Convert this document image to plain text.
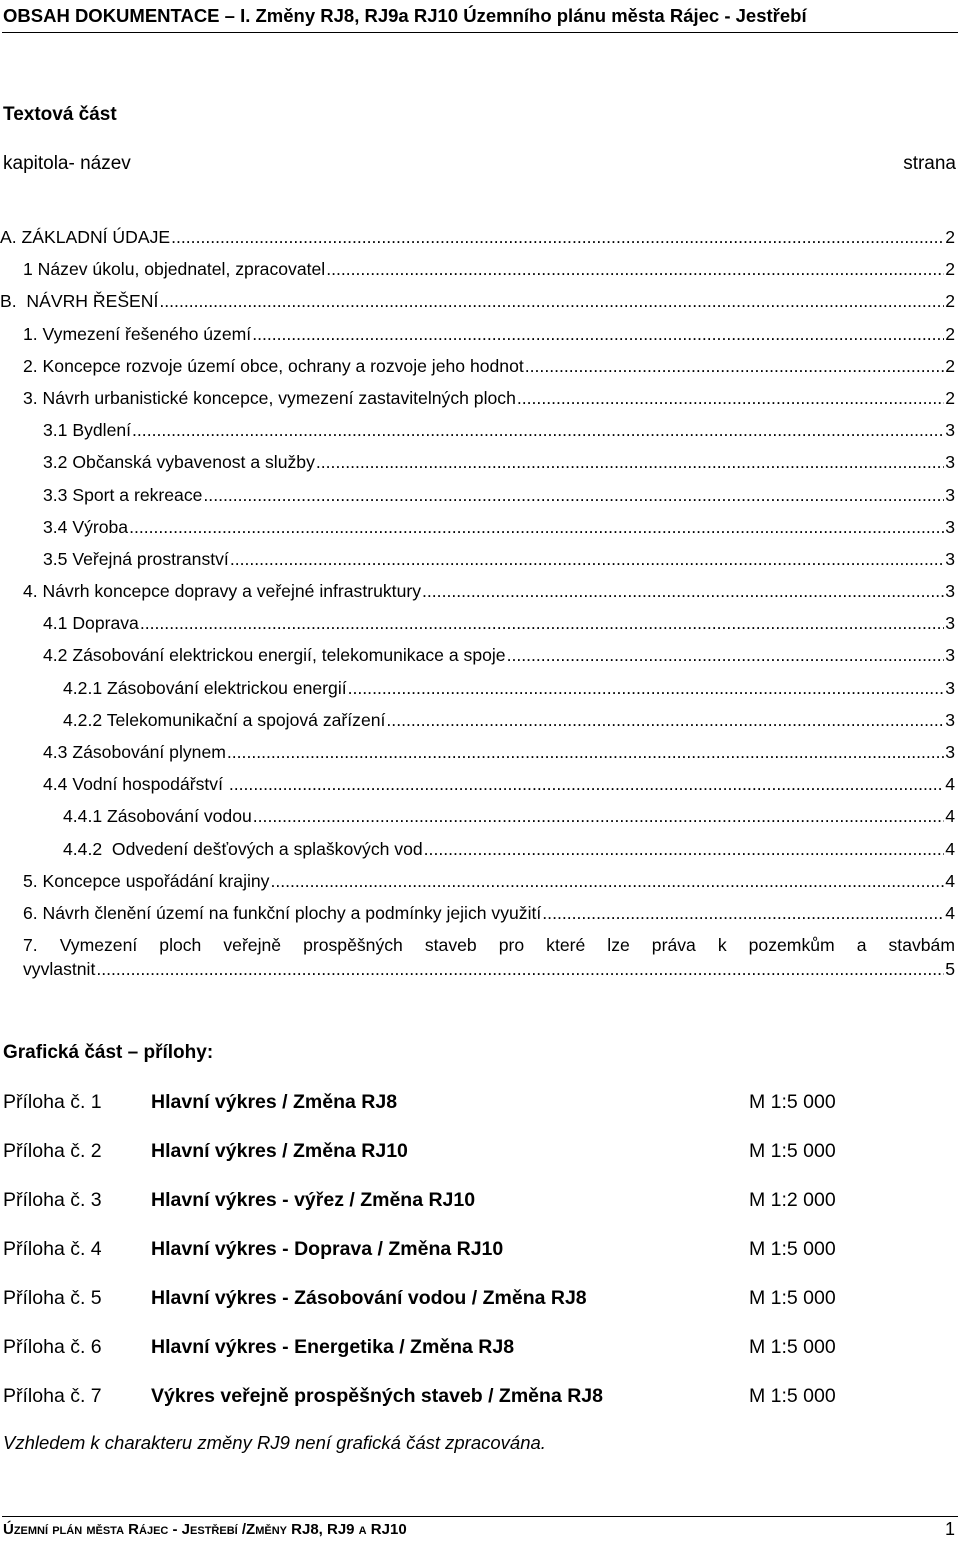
OBSAH DOKUMENTACE – I. Změny RJ8, RJ9a RJ10 Územního plánu města Rájec - Jestřebí
Textová část
kapitola- název	strana
A. ZÁKLADNÍ ÚDAJE .....	2
1 Název úkolu, objednatel, zpracovatel .....	2
B.  NÁVRH ŘEŠENÍ .....	2
1. Vymezení řešeného území .....	2
2. Koncepce rozvoje území obce, ochrany a rozvoje jeho hodnot .....	2
3. Návrh urbanistické koncepce, vymezení zastavitelných ploch .....	2
3.1 Bydlení .....	3
3.2 Občanská vybavenost a služby .....	3
3.3 Sport a rekreace .....	3
3.4 Výroba .....	3
3.5 Veřejná prostranství .....	3
4. Návrh koncepce dopravy a veřejné infrastruktury .....	3
4.1 Doprava .....	3
4.2 Zásobování elektrickou energií, telekomunikace a spoje .....	3
4.2.1 Zásobování elektrickou energií .....	3
4.2.2 Telekomunikační a spojová zařízení .....	3
4.3 Zásobování plynem .....	3
4.4 Vodní hospodářství .....	4
4.4.1 Zásobování vodou .....	4
4.4.2  Odvedení dešťových a splaškových vod .....	4
5. Koncepce uspořádání krajiny .....	4
6. Návrh členění území na funkční plochy a podmínky jejich využití .....	4
7. Vymezení ploch veřejně prospěšných staveb pro které lze práva k pozemkům a stavbám
vyvlastnit .....	5
Grafická část – přílohy:
Příloha č. 1	Hlavní výkres / Změna RJ8	M 1:5 000
Příloha č. 2	Hlavní výkres / Změna RJ10	M 1:5 000
Příloha č. 3	Hlavní výkres - výřez / Změna RJ10	M 1:2 000
Příloha č. 4	Hlavní výkres - Doprava / Změna RJ10	M 1:5 000
Příloha č. 5	Hlavní výkres - Zásobování vodou / Změna RJ8	M 1:5 000
Příloha č. 6	Hlavní výkres - Energetika / Změna RJ8	M 1:5 000
Příloha č. 7	Výkres veřejně prospěšných staveb / Změna RJ8	M 1:5 000
Vzhledem k charakteru změny RJ9 není grafická část zpracována.
Územní plán města Rájec - Jestřebí /Změny RJ8, RJ9 a RJ10	1
